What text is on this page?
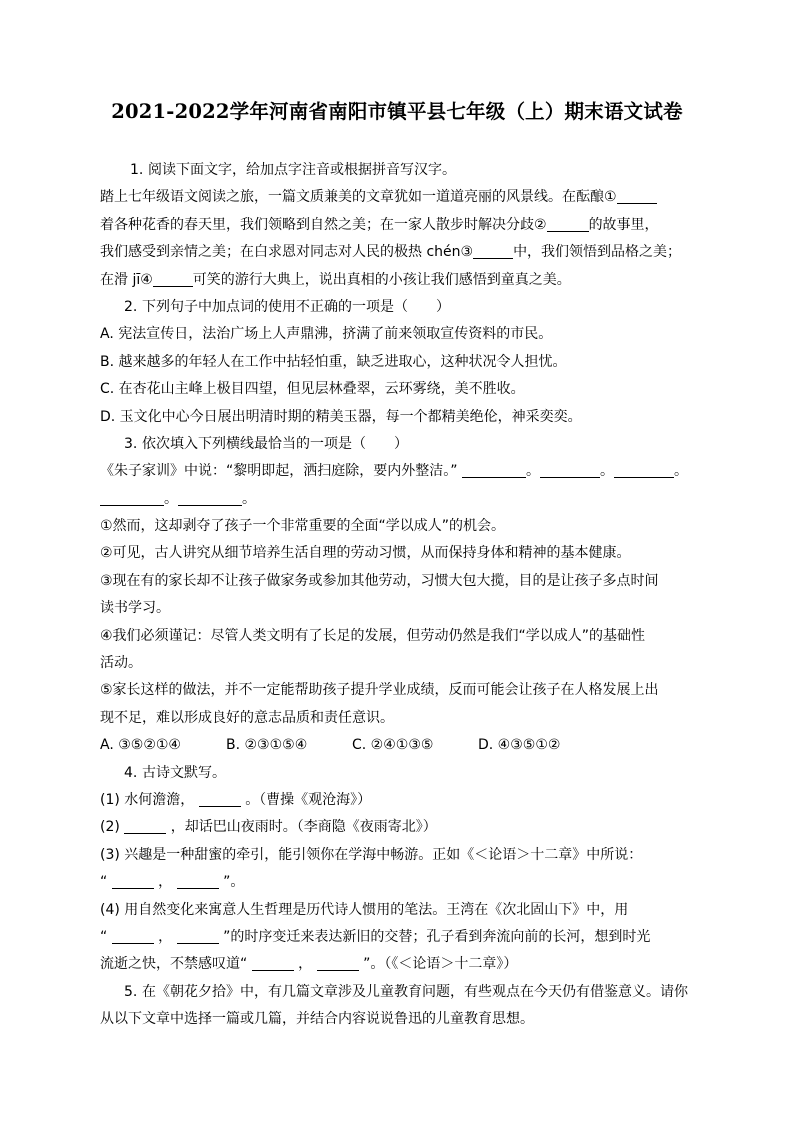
2021-2022学年河南省南阳市镇平县七年级（上）期末语文试卷
1. 阅读下面文字，给加点字注音或根据拼音写汉字。
踏上七年级语文阅读之旅，一篇文质兼美的文章犹如一道道亮丽的风景线。在酝酿①
着各种花香的春天里，我们领略到自然之美；在一家人散步时解决分歧②	的故事里，
我们感受到亲情之美；在白求恩对同志对人民的极热 chén③	中，我们领悟到品格之美；
在滑 jī④	可笑的游行大典上，说出真相的小孩让我们感悟到童真之美。
2. 下列句子中加点词的使用不正确的一项是（　　）
A. 宪法宣传日，法治广场上人声鼎沸，挤满了前来领取宣传资料的市民。
B. 越来越多的年轻人在工作中拈轻怕重，缺乏进取心，这种状况令人担忧。
C. 在杏花山主峰上极目四望，但见层林叠翠，云环雾绕，美不胜收。
D. 玉文化中心今日展出明清时期的精美玉器，每一个都精美绝伦，神采奕奕。
3. 依次填入下列横线最恰当的一项是（　　）
《朱子家训》中说：“黎明即起，洒扫庭除，要内外整洁。”	。	。	。
。	。
①然而，这却剥夺了孩子一个非常重要的全面“学以成人”的机会。
②可见，古人讲究从细节培养生活自理的劳动习惯，从而保持身体和精神的基本健康。
③现在有的家长却不让孩子做家务或参加其他劳动，习惯大包大揽，目的是让孩子多点时间
读书学习。
④我们必须谨记：尽管人类文明有了长足的发展，但劳动仍然是我们“学以成人”的基础性
活动。
⑤家长这样的做法，并不一定能帮助孩子提升学业成绩，反而可能会让孩子在人格发展上出
现不足，难以形成良好的意志品质和责任意识。
A. ③⑤②①④	B. ②③①⑤④	C. ②④①③⑤	D. ④③⑤①②
4. 古诗文默写。
(1) 水何澹澹，	。（曹操《观沧海》）
(2)	，却话巴山夜雨时。（李商隐《夜雨寄北》）
(3) 兴趣是一种甜蜜的牵引，能引领你在学海中畅游。正如《＜论语＞十二章》中所说：
“	，	”。
(4) 用自然变化来寓意人生哲理是历代诗人惯用的笔法。王湾在《次北固山下》中，用
“	，	”的时序变迁来表达新旧的交替；孔子看到奔流向前的长河，想到时光
流逝之快，不禁感叹道“	，	”。（《＜论语＞十二章》）
5. 在《朝花夕拾》中，有几篇文章涉及儿童教育问题，有些观点在今天仍有借鉴意义。请你
从以下文章中选择一篇或几篇，并结合内容说说鲁迅的儿童教育思想。
